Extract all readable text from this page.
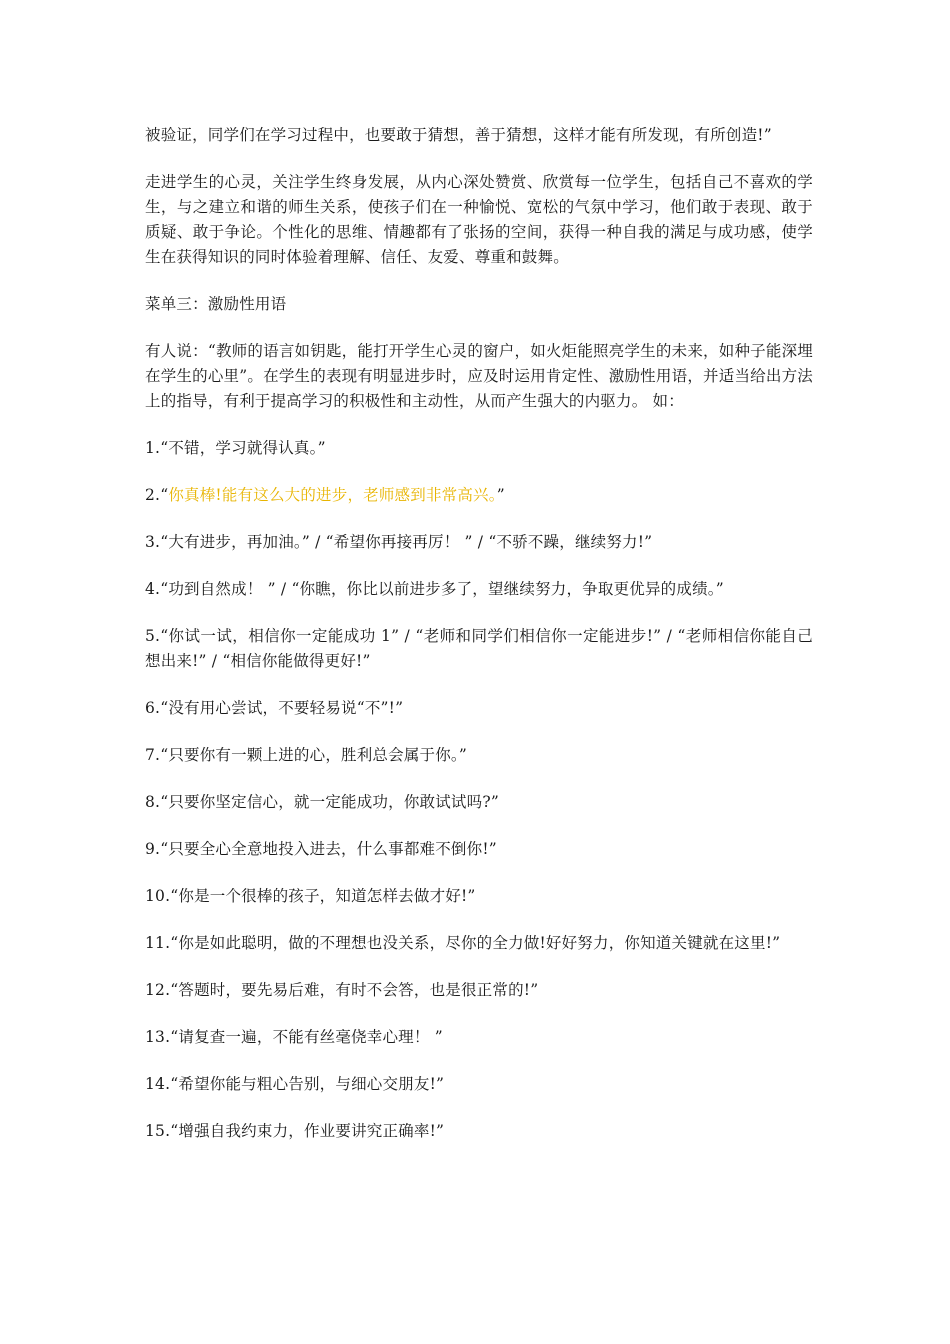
被验证，同学们在学习过程中，也要敢于猜想，善于猜想，这样才能有所发现，有所创造!”

走进学生的心灵，关注学生终身发展，从内心深处赞赏、欣赏每一位学生，包括自己不喜欢的学生，与之建立和谐的师生关系，使孩子们在一种愉悦、宽松的气氛中学习，他们敢于表现、敢于质疑、敢于争论。个性化的思维、情趣都有了张扬的空间，获得一种自我的满足与成功感，使学生在获得知识的同时体验着理解、信任、友爱、尊重和鼓舞。

菜单三：激励性用语

有人说：“教师的语言如钥匙，能打开学生心灵的窗户，如火炬能照亮学生的未来，如种子能深埋在学生的心里”。在学生的表现有明显进步时，应及时运用肯定性、激励性用语，并适当给出方法上的指导，有利于提高学习的积极性和主动性，从而产生强大的内驱力。 如：

1.“不错，学习就得认真。”

2.“你真棒!能有这么大的进步，老师感到非常高兴。”

3.“大有进步，再加油。” / “希望你再接再厉！ ” / “不骄不躁，继续努力!”

4.“功到自然成！ ” / “你瞧，你比以前进步多了，望继续努力，争取更优异的成绩。”

5.“你试一试，相信你一定能成功 1” / “老师和同学们相信你一定能进步!” / “老师相信你能自己想出来!” / “相信你能做得更好!”

6.“没有用心尝试，不要轻易说“不”!”

7.“只要你有一颗上进的心，胜利总会属于你。”

8.“只要你坚定信心，就一定能成功，你敢试试吗?”

9.“只要全心全意地投入进去，什么事都难不倒你!”

10.“你是一个很棒的孩子，知道怎样去做才好!”

11.“你是如此聪明，做的不理想也没关系，尽你的全力做!好好努力，你知道关键就在这里!”

12.“答题时，要先易后难，有时不会答，也是很正常的!”

13.“请复查一遍，不能有丝毫侥幸心理！ ”

14.“希望你能与粗心告别，与细心交朋友!”

15.“增强自我约束力，作业要讲究正确率!”
